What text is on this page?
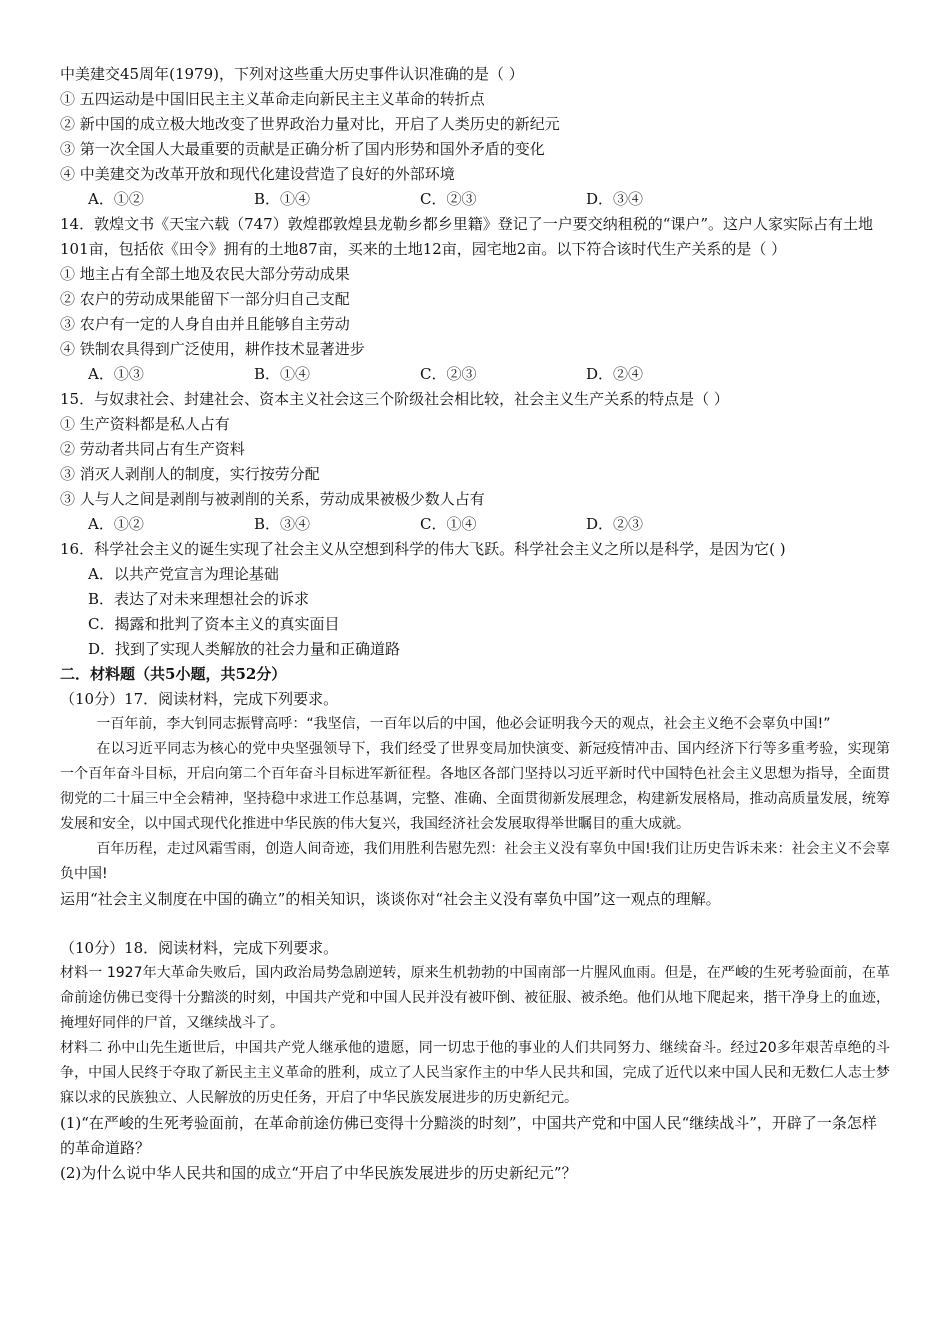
中美建交45周年(1979)，下列对这些重大历史事件认识准确的是（ ）
① 五四运动是中国旧民主主义革命走向新民主主义革命的转折点
② 新中国的成立极大地改变了世界政治力量对比，开启了人类历史的新纪元
③ 第一次全国人大最重要的贡献是正确分析了国内形势和国外矛盾的变化
④ 中美建交为改革开放和现代化建设营造了良好的外部环境
A．①②	B．①④	C．②③	D．③④
14．敦煌文书《天宝六载（747）敦煌郡敦煌县龙勒乡都乡里籍》登记了一户要交纳租税的“课户”。这户人家实际占有土地101亩，包括依《田令》拥有的土地87亩，买来的土地12亩，园宅地2亩。以下符合该时代生产关系的是（ ）
① 地主占有全部土地及农民大部分劳动成果
② 农户的劳动成果能留下一部分归自己支配
③ 农户有一定的人身自由并且能够自主劳动
④ 铁制农具得到广泛使用，耕作技术显著进步
A．①③	B．①④	C．②③	D．②④
15．与奴隶社会、封建社会、资本主义社会这三个阶级社会相比较，社会主义生产关系的特点是（ ）
① 生产资料都是私人占有
② 劳动者共同占有生产资料
③ 消灭人剥削人的制度，实行按劳分配
③ 人与人之间是剥削与被剥削的关系，劳动成果被极少数人占有
A．①②	B．③④	C．①④	D．②③
16．科学社会主义的诞生实现了社会主义从空想到科学的伟大飞跃。科学社会主义之所以是科学，是因为它( )
A．以共产党宣言为理论基础
B．表达了对未来理想社会的诉求
C．揭露和批判了资本主义的真实面目
D．找到了实现人类解放的社会力量和正确道路
二．材料题（共5小题，共52分）
（10分）17．阅读材料，完成下列要求。
一百年前，李大钊同志振臂高呼：“我坚信，一百年以后的中国，他必会证明我今天的观点，社会主义绝不会辜负中国!”
在以习近平同志为核心的党中央坚强领导下，我们经受了世界变局加快演变、新冠疫情冲击、国内经济下行等多重考验，实现第一个百年奋斗目标，开启向第二个百年奋斗目标进军新征程。各地区各部门坚持以习近平新时代中国特色社会主义思想为指导，全面贯彻党的二十届三中全会精神，坚持稳中求进工作总基调，完整、准确、全面贯彻新发展理念，构建新发展格局，推动高质量发展，统筹发展和安全，以中国式现代化推进中华民族的伟大复兴，我国经济社会发展取得举世瞩目的重大成就。
百年历程，走过风霜雪雨，创造人间奇迹，我们用胜利告慰先烈：社会主义没有辜负中国!我们让历史告诉未来：社会主义不会辜负中国!
运用“社会主义制度在中国的确立”的相关知识，谈谈你对“社会主义没有辜负中国”这一观点的理解。
（10分）18．阅读材料，完成下列要求。
材料一 1927年大革命失败后，国内政治局势急剧逆转，原来生机勃勃的中国南部一片腥风血雨。但是，在严峻的生死考验面前，在革命前途仿佛已变得十分黯淡的时刻，中国共产党和中国人民并没有被吓倒、被征服、被杀绝。他们从地下爬起来，揩干净身上的血迹，掩埋好同伴的尸首，又继续战斗了。
材料二 孙中山先生逝世后，中国共产党人继承他的遗愿，同一切忠于他的事业的人们共同努力、继续奋斗。经过20多年艰苦卓绝的斗争，中国人民终于夺取了新民主主义革命的胜利，成立了人民当家作主的中华人民共和国，完成了近代以来中国人民和无数仁人志士梦寐以求的民族独立、人民解放的历史任务，开启了中华民族发展进步的历史新纪元。
(1)“在严峻的生死考验面前，在革命前途仿佛已变得十分黯淡的时刻”，中国共产党和中国人民“继续战斗”，开辟了一条怎样的革命道路？
(2)为什么说中华人民共和国的成立“开启了中华民族发展进步的历史新纪元”？
